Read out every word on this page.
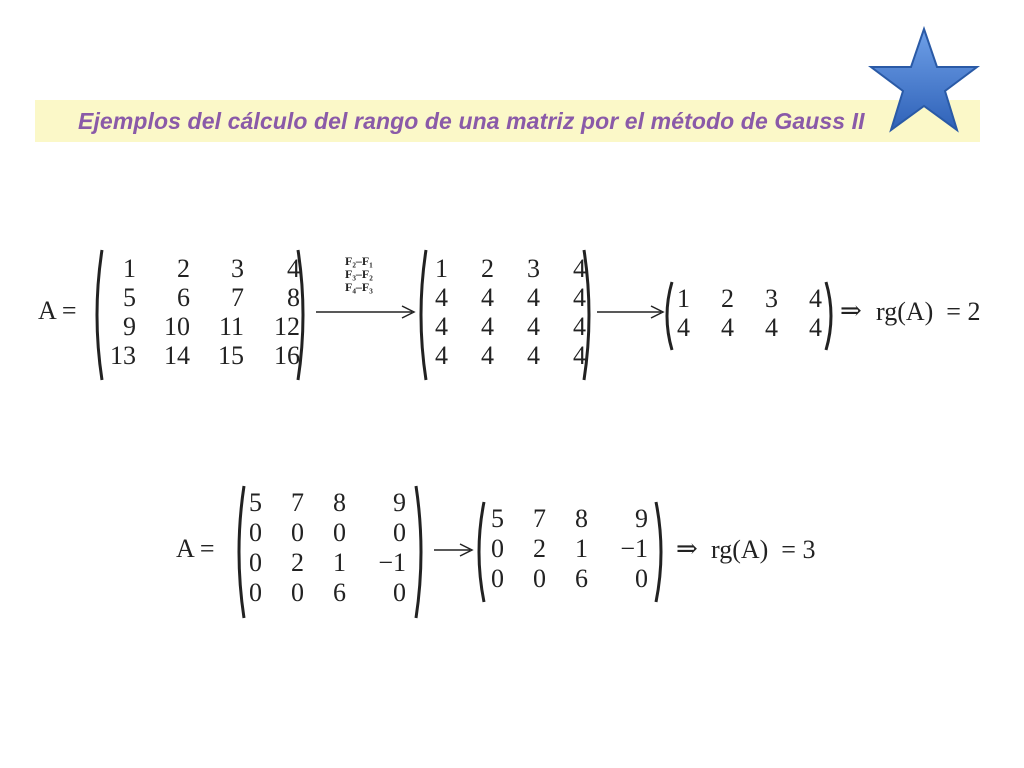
Ejemplos del cálculo del rango de una matriz por el método de Gauss II
A =
1	2	3	4
5	6	7	8
9	10	11	12
13	14	15	16
F₂–F₁
F₃–F₂
F₄–F₃
1	2	3	4
4	4	4	4
4	4	4	4
4	4	4	4
1	2	3	4
4	4	4	4
⇒ rg(A)  = 2
A =
5	7	8	9
0	0	0	0
0	2	1	−1
0	0	6	0
5	7	8	9
0	2	1	−1
0	0	6	0
⇒ rg(A)  = 3
